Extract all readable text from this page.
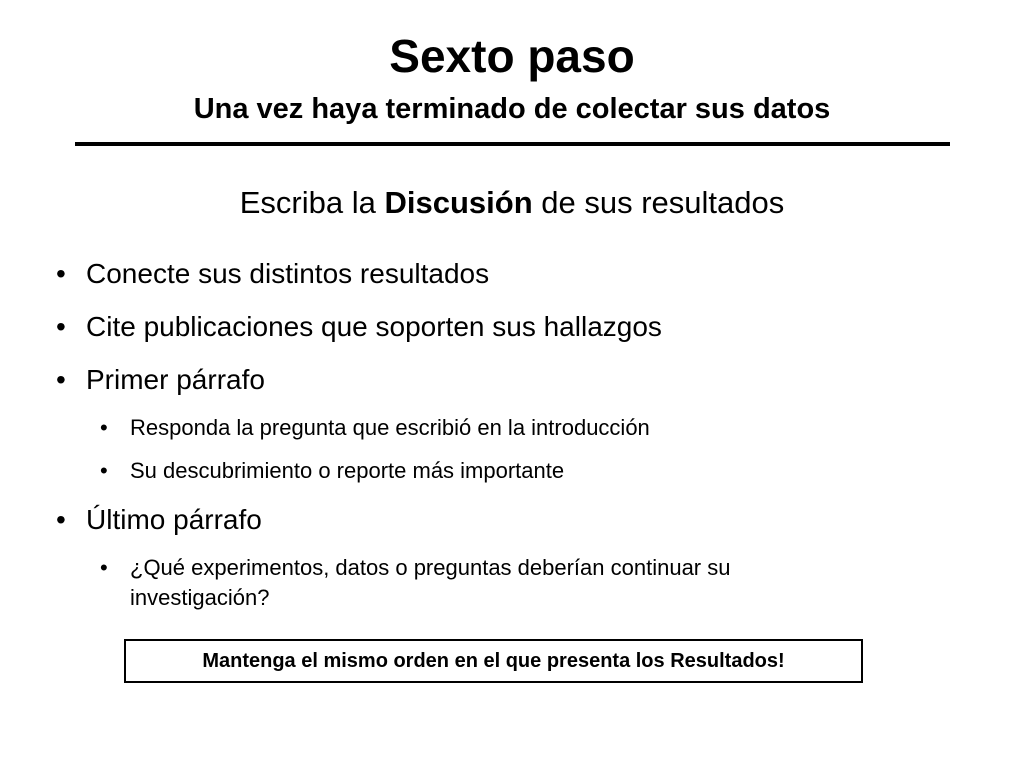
Sexto paso
Una vez haya terminado de colectar sus datos
Escriba la Discusión de sus resultados
• Conecte sus distintos resultados
• Cite publicaciones que soporten sus hallazgos
• Primer párrafo
•	Responda la pregunta que escribió en la introducción
•	Su descubrimiento o reporte más importante
• Último párrafo
•	¿Qué experimentos, datos o preguntas deberían continuar su investigación?
Mantenga el mismo orden en el que presenta los Resultados!
